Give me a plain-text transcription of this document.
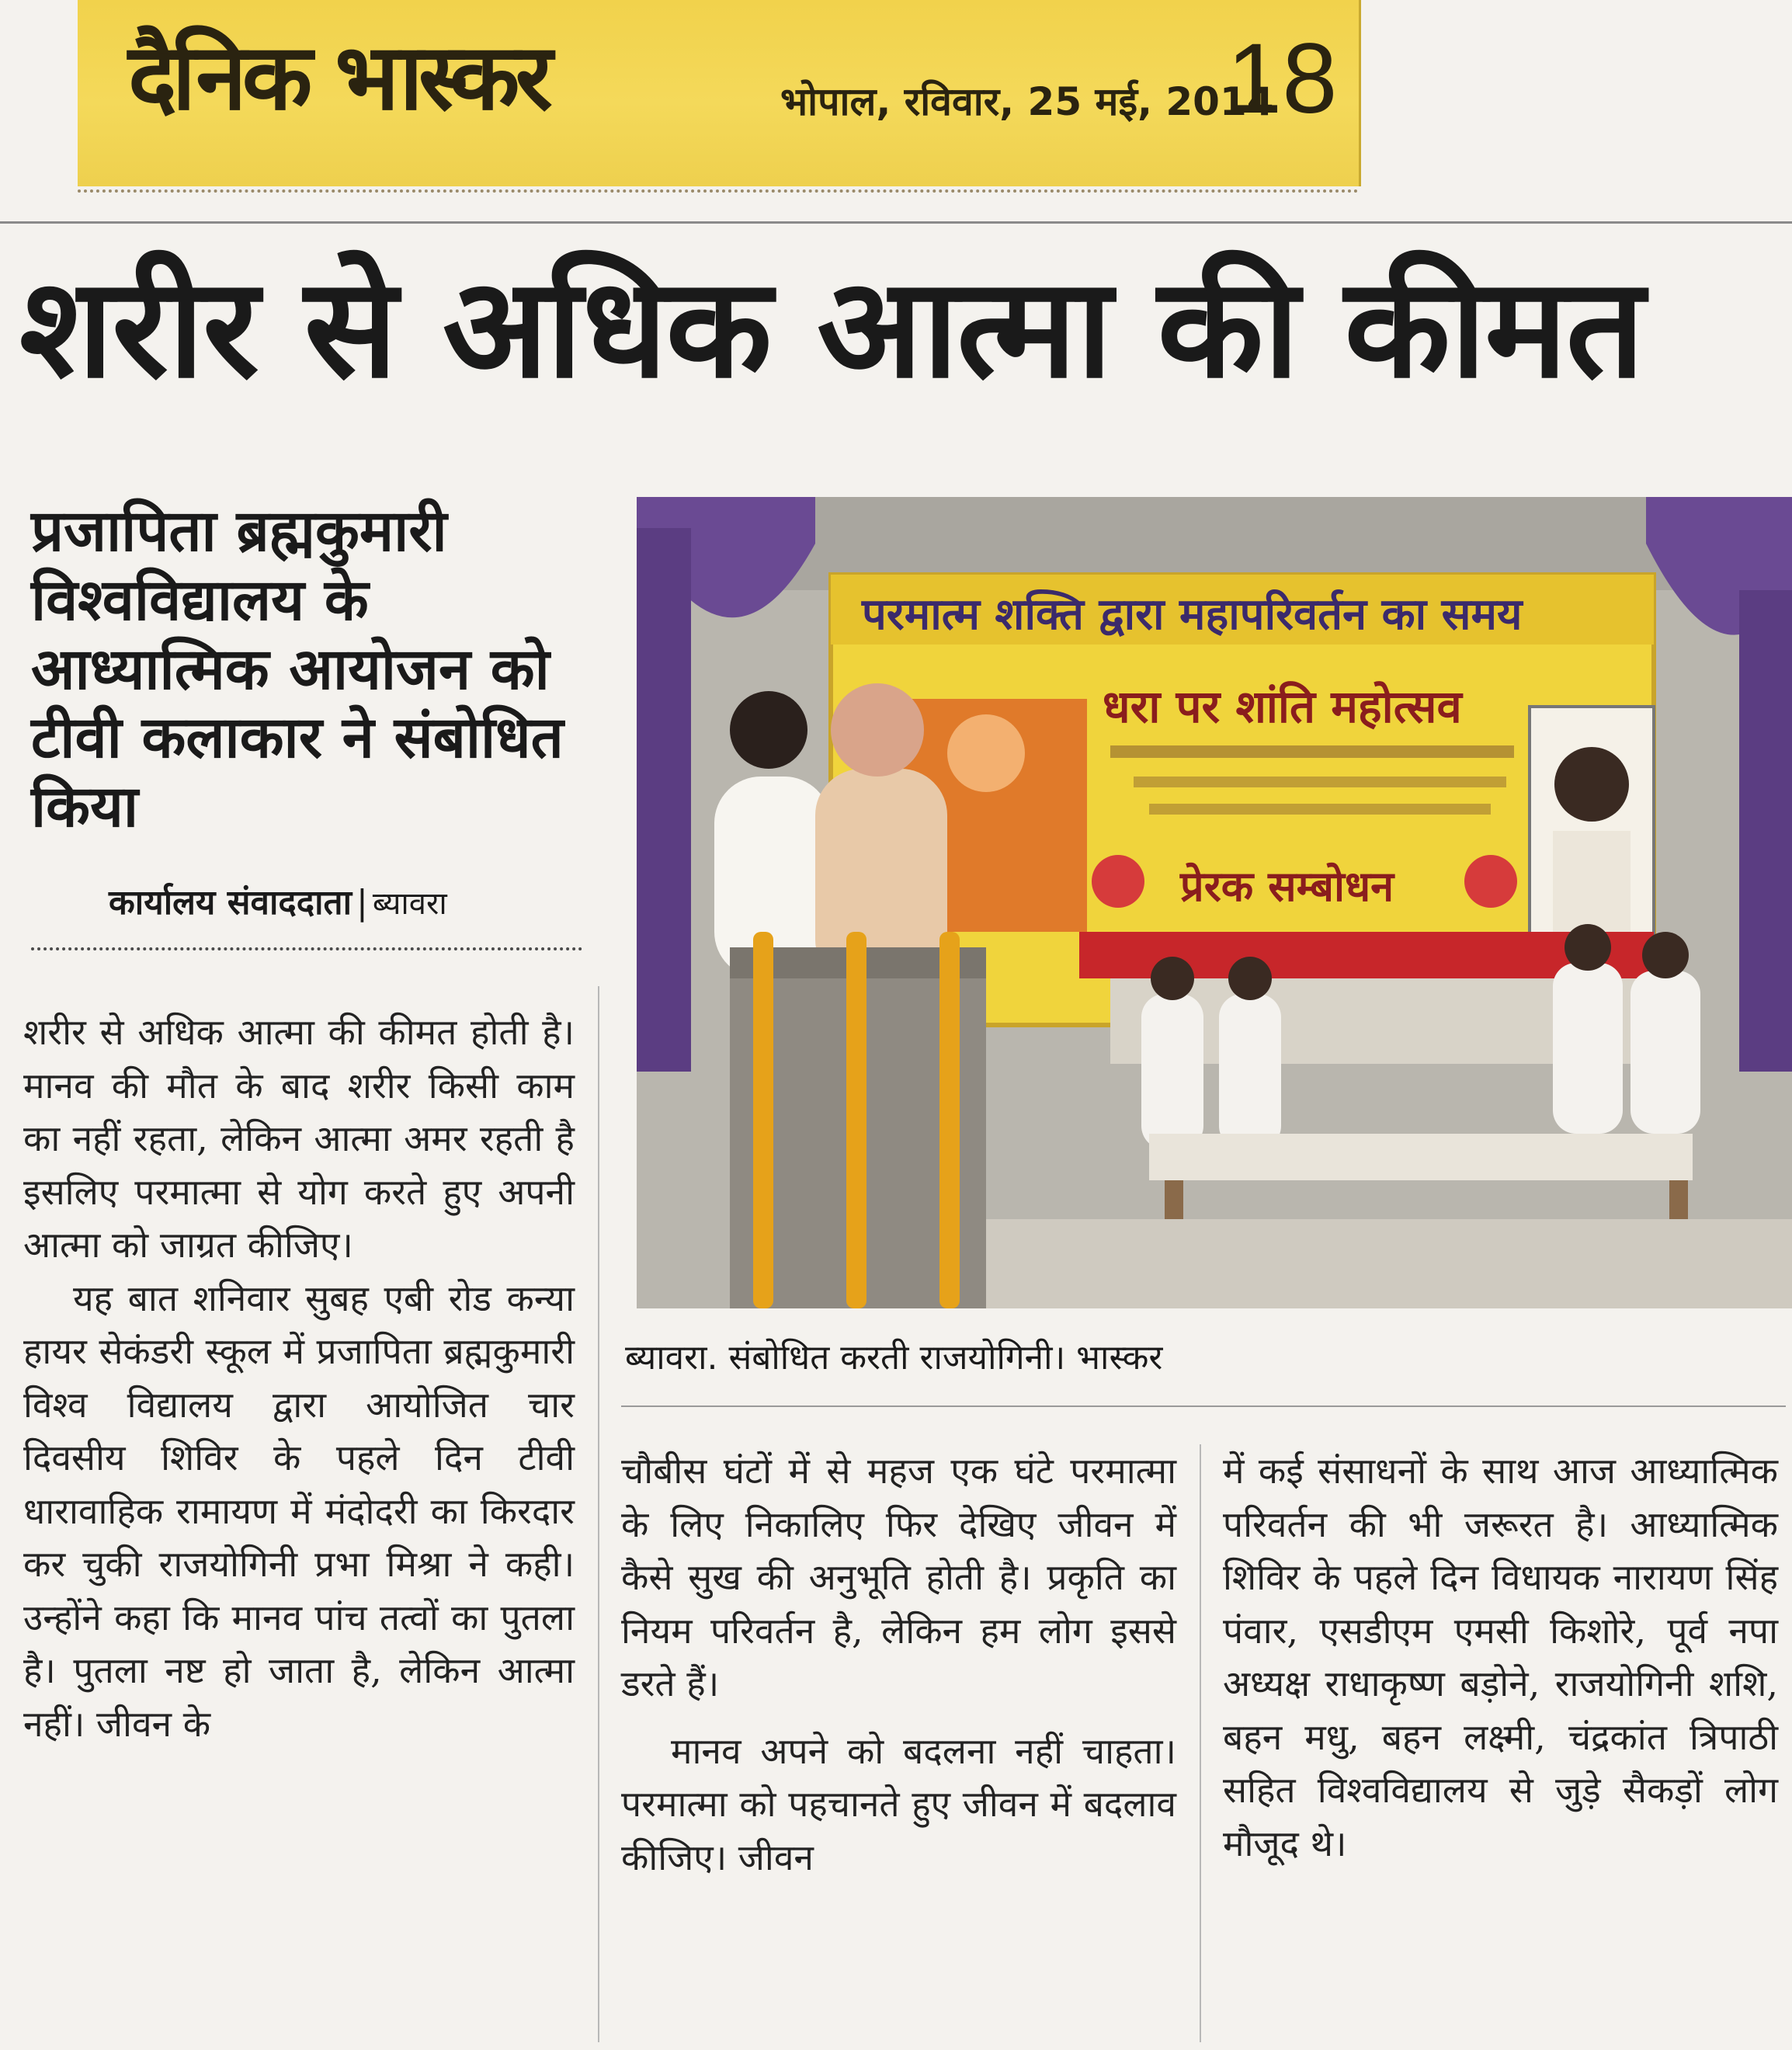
दैनिक भास्कर	भोपाल, रविवार, 25 मई, 2014
18
शरीर से अधिक आत्मा की कीमत
प्रजापिता ब्रह्मकुमारी विश्वविद्यालय के आध्यात्मिक आयोजन को टीवी कलाकार ने संबोधित किया
कार्यालय संवाददाता | ब्यावरा

शरीर से अधिक आत्मा की कीमत होती है। मानव की मौत के बाद शरीर किसी काम का नहीं रहता, लेकिन आत्मा अमर रहती है इसलिए परमात्मा से योग करते हुए अपनी आत्मा को जाग्रत कीजिए।

यह बात शनिवार सुबह एबी रोड कन्या हायर सेकंडरी स्कूल में प्रजापिता ब्रह्मकुमारी विश्व विद्यालय द्वारा आयोजित चार दिवसीय शिविर के पहले दिन टीवी धारावाहिक रामायण में मंदोदरी का किरदार कर चुकी राजयोगिनी प्रभा मिश्रा ने कही। उन्होंने कहा कि मानव पांच तत्वों का पुतला है। पुतला नष्ट हो जाता है, लेकिन आत्मा नहीं। जीवन के

परमात्म शक्ति द्वारा महापरिवर्तन का समय
धरा पर शांति महोत्सव
प्रेरक सम्बोधन
ब्यावरा. संबोधित करती राजयोगिनी। भास्कर

चौबीस घंटों में से महज एक घंटे परमात्मा के लिए निकालिए फिर देखिए जीवन में कैसे सुख की अनुभूति होती है। प्रकृति का नियम परिवर्तन है, लेकिन हम लोग इससे डरते हैं।

मानव अपने को बदलना नहीं चाहता। परमात्मा को पहचानते हुए जीवन में बदलाव कीजिए। जीवन

में कई संसाधनों के साथ आज आध्यात्मिक परिवर्तन की भी जरूरत है। आध्यात्मिक शिविर के पहले दिन विधायक नारायण सिंह पंवार, एसडीएम एमसी किशोरे, पूर्व नपा अध्यक्ष राधाकृष्ण बड़ोने, राजयोगिनी शशि, बहन मधु, बहन लक्ष्मी, चंद्रकांत त्रिपाठी सहित विश्वविद्यालय से जुड़े सैकड़ों लोग मौजूद थे।
